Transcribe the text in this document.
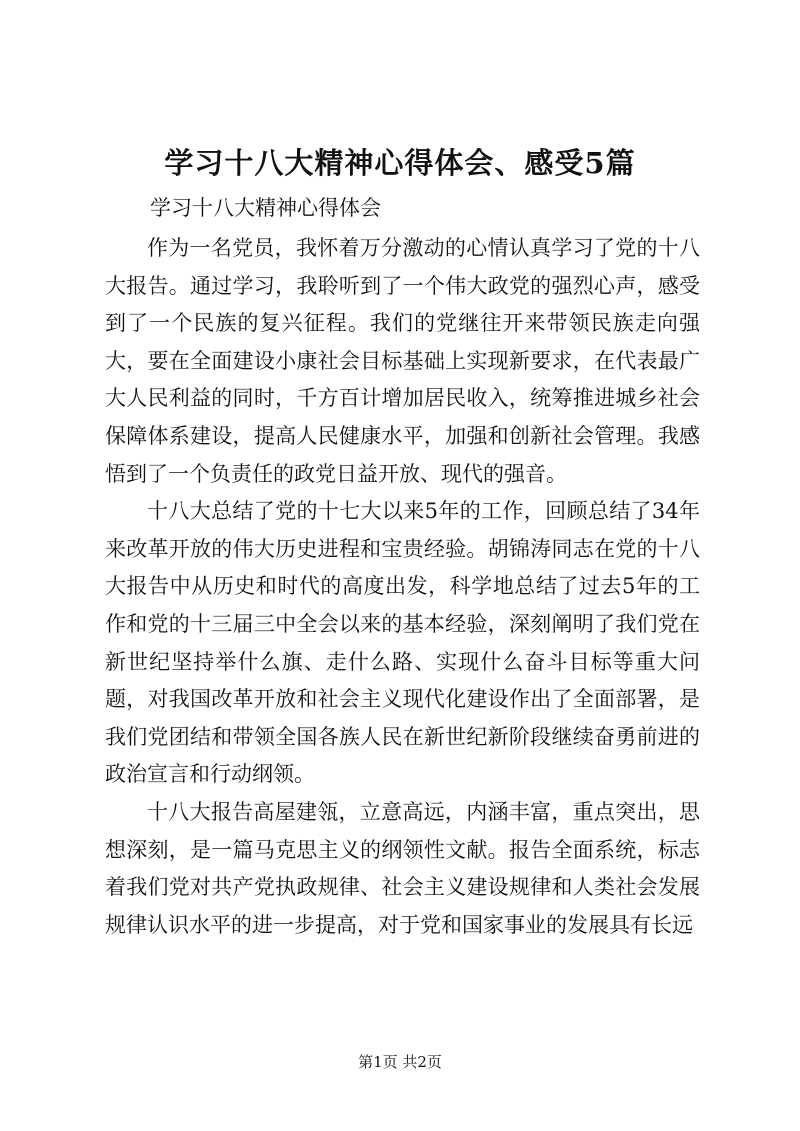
学习十八大精神心得体会、感受5篇
学习十八大精神心得体会

作为一名党员，我怀着万分激动的心情认真学习了党的十八大报告。通过学习，我聆听到了一个伟大政党的强烈心声，感受到了一个民族的复兴征程。我们的党继往开来带领民族走向强大，要在全面建设小康社会目标基础上实现新要求，在代表最广大人民利益的同时，千方百计增加居民收入，统筹推进城乡社会保障体系建设，提高人民健康水平，加强和创新社会管理。我感悟到了一个负责任的政党日益开放、现代的强音。

十八大总结了党的十七大以来5年的工作，回顾总结了34年来改革开放的伟大历史进程和宝贵经验。胡锦涛同志在党的十八大报告中从历史和时代的高度出发，科学地总结了过去5年的工作和党的十三届三中全会以来的基本经验，深刻阐明了我们党在新世纪坚持举什么旗、走什么路、实现什么奋斗目标等重大问题，对我国改革开放和社会主义现代化建设作出了全面部署，是我们党团结和带领全国各族人民在新世纪新阶段继续奋勇前进的政治宣言和行动纲领。

十八大报告高屋建瓴，立意高远，内涵丰富，重点突出，思想深刻，是一篇马克思主义的纲领性文献。报告全面系统，标志着我们党对共产党执政规律、社会主义建设规律和人类社会发展规律认识水平的进一步提高，对于党和国家事业的发展具有长远

第1页 共2页
